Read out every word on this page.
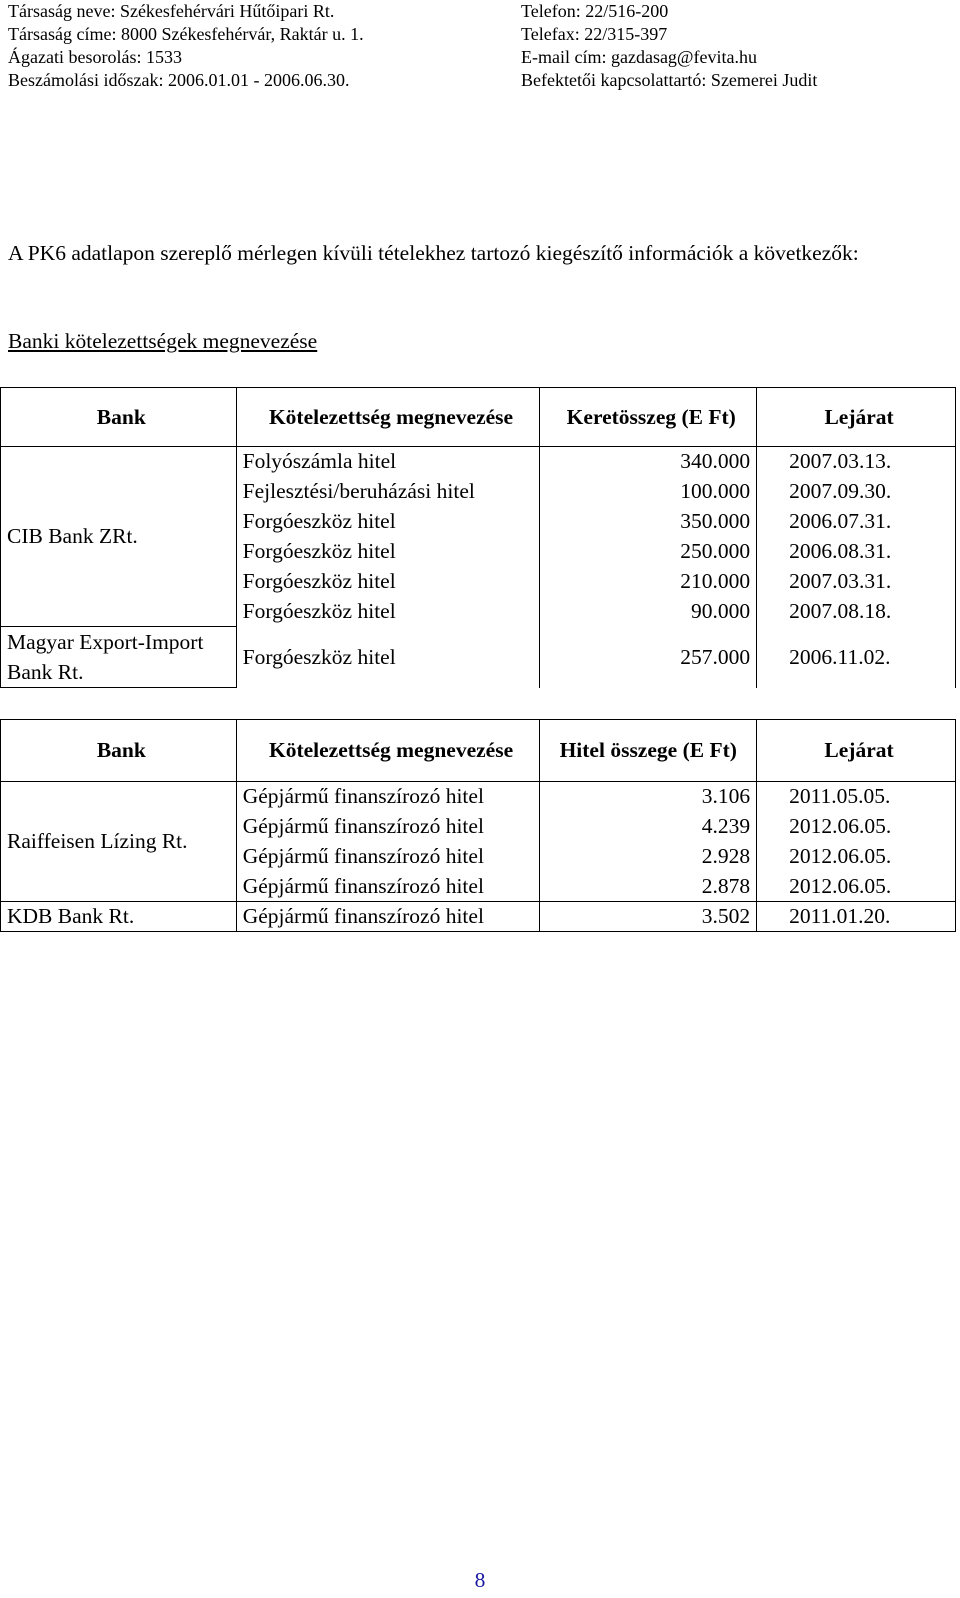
Társaság neve: Székesfehérvári Hűtőipari Rt.
Társaság címe: 8000 Székesfehérvár, Raktár u. 1.
Ágazati besorolás: 1533
Beszámolási időszak: 2006.01.01 - 2006.06.30.
Telefon: 22/516-200
Telefax: 22/315-397
E-mail cím: gazdasag@fevita.hu
Befektetői kapcsolattartó: Szemerei Judit
A PK6 adatlapon szereplő mérlegen kívüli tételekhez tartozó kiegészítő információk a következők:
Banki kötelezettségek megnevezése
Bank	Kötelezettség megnevezése	Keretösszeg (E Ft)	Lejárat
CIB Bank ZRt.	Folyószámla hitel	340.000	2007.03.13.
	Fejlesztési/beruházási hitel	100.000	2007.09.30.
	Forgóeszköz hitel	350.000	2006.07.31.
	Forgóeszköz hitel	250.000	2006.08.31.
	Forgóeszköz hitel	210.000	2007.03.31.
	Forgóeszköz hitel	90.000	2007.08.18.
Magyar Export-Import Bank Rt.	Forgóeszköz hitel	257.000	2006.11.02.
Bank	Kötelezettség megnevezése	Hitel összege (E Ft)	Lejárat
Raiffeisen Lízing Rt.	Gépjármű finanszírozó hitel	3.106	2011.05.05.
	Gépjármű finanszírozó hitel	4.239	2012.06.05.
	Gépjármű finanszírozó hitel	2.928	2012.06.05.
	Gépjármű finanszírozó hitel	2.878	2012.06.05.
KDB Bank Rt.	Gépjármű finanszírozó hitel	3.502	2011.01.20.
8
